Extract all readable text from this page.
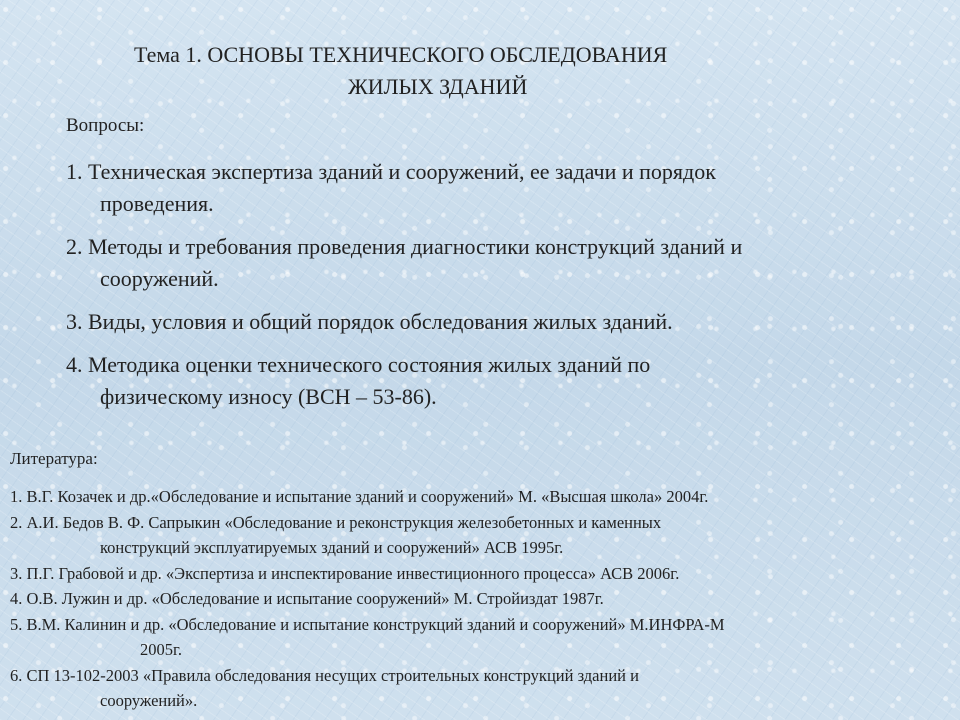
Тема 1. ОСНОВЫ ТЕХНИЧЕСКОГО ОБСЛЕДОВАНИЯ
ЖИЛЫХ ЗДАНИЙ
Вопросы:
1. Техническая экспертиза зданий и сооружений, ее задачи и порядок
проведения.
2. Методы и требования проведения диагностики конструкций зданий и
сооружений.
3. Виды, условия и общий порядок обследования жилых зданий.
4. Методика оценки технического состояния жилых зданий по
физическому износу (ВСН – 53-86).
Литература:
1. В.Г. Козачек и др.«Обследование и испытание зданий и сооружений» М. «Высшая школа» 2004г.
2. А.И. Бедов В. Ф. Сапрыкин «Обследование и реконструкция железобетонных и каменных
конструкций эксплуатируемых зданий и сооружений» АСВ 1995г.
3. П.Г. Грабовой и др. «Экспертиза и инспектирование инвестиционного процесса» АСВ 2006г.
4. О.В. Лужин и др. «Обследование и испытание сооружений» М. Стройиздат 1987г.
5. В.М. Калинин и др. «Обследование и испытание конструкций зданий и сооружений» М.ИНФРА-М
2005г.
6. СП 13-102-2003 «Правила обследования несущих строительных конструкций зданий и
сооружений».
